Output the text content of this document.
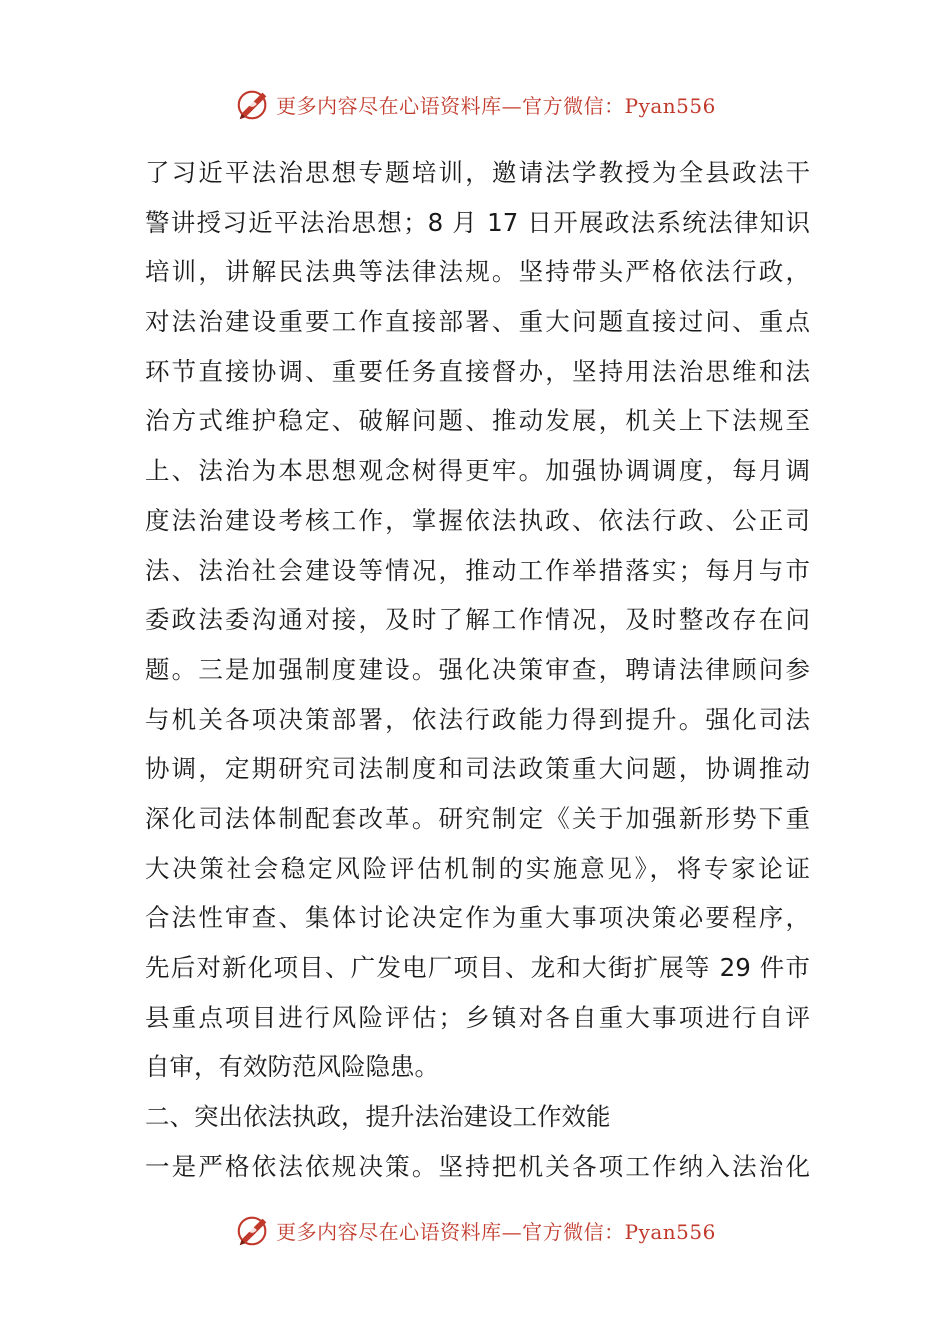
更多内容尽在心语资料库—官方微信：Pyan556
了习近平法治思想专题培训，邀请法学教授为全县政法干
警讲授习近平法治思想；8 月 17 日开展政法系统法律知识
培训，讲解民法典等法律法规。坚持带头严格依法行政，
对法治建设重要工作直接部署、重大问题直接过问、重点
环节直接协调、重要任务直接督办，坚持用法治思维和法
治方式维护稳定、破解问题、推动发展，机关上下法规至
上、法治为本思想观念树得更牢。加强协调调度，每月调
度法治建设考核工作，掌握依法执政、依法行政、公正司
法、法治社会建设等情况，推动工作举措落实；每月与市
委政法委沟通对接，及时了解工作情况，及时整改存在问
题。三是加强制度建设。强化决策审查，聘请法律顾问参
与机关各项决策部署，依法行政能力得到提升。强化司法
协调，定期研究司法制度和司法政策重大问题，协调推动
深化司法体制配套改革。研究制定《关于加强新形势下重
大决策社会稳定风险评估机制的实施意见》，将专家论证
合法性审查、集体讨论决定作为重大事项决策必要程序，
先后对新化项目、广发电厂项目、龙和大街扩展等 29 件市
县重点项目进行风险评估；乡镇对各自重大事项进行自评
自审，有效防范风险隐患。
二、突出依法执政，提升法治建设工作效能
一是严格依法依规决策。坚持把机关各项工作纳入法治化
更多内容尽在心语资料库—官方微信：Pyan556
